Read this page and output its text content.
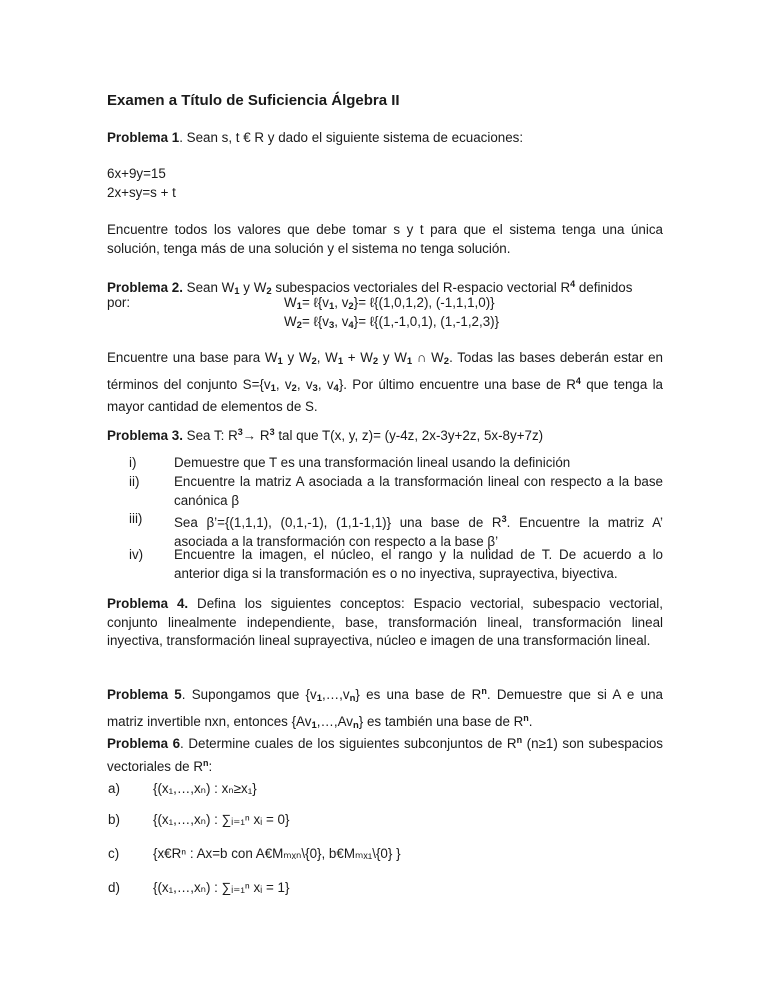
Examen a Título de Suficiencia Álgebra II
Problema 1. Sean s, t € R y dado el siguiente sistema de ecuaciones:
6x+9y=15
2x+sy=s + t
Encuentre todos los valores que debe tomar s y t para que el sistema tenga una única solución, tenga más de una solución y el sistema no tenga solución.
Problema 2. Sean $W_1$ y $W_2$ subespacios vectoriales del R-espacio vectorial $R^4$ definidos
por:	$W_1=$ $\ell\{v_1$, $v_2\}=$ ℓ{(1,0,1,2), (-1,1,1,0)}
$W_2=$ $\ell\{v_3$, $v_4\}=$ ℓ{(1,-1,0,1), (1,-1,2,3)}
Encuentre una base para $W_1$ y $W_2$, $W_1 + W_2$ y $W_1$ ∩ $W_2$. Todas las bases deberán estar en términos del conjunto $S=\{v_1$, $v_2$, $v_3$, $v_4$}. Por último encuentre una base de $R^4$ que tenga la mayor cantidad de elementos de S.
Problema 3. Sea T: $R^3\to R^3$ tal que T(x, y, z)= (y-4z, 2x-3y+2z, 5x-8y+7z)
i)	Demuestre que T es una transformación lineal usando la definición
ii)	Encuentre la matriz A asociada a la transformación lineal con respecto a la base canónica β
iii) Sea β’={(1,1,1), (0,1,-1), (1,1-1,1)} una base de $R^3$. Encuentre la matriz A’ asociada a la transformación con respecto a la base β’
iv) Encuentre la imagen, el núcleo, el rango y la nulidad de T. De acuerdo a lo anterior diga si la transformación es o no inyectiva, suprayectiva, biyectiva.
Problema 4. Defina los siguientes conceptos: Espacio vectorial, subespacio vectorial, conjunto linealmente independiente, base, transformación lineal, transformación lineal inyectiva, transformación lineal suprayectiva, núcleo e imagen de una transformación lineal.
Problema 5. Supongamos que $\{v_1,\dots,v_n\}$ es una base de $R^n$. Demuestre que si A e una matriz invertible nxn, entonces $\{Av_1,\dots,Av_n\}$ es también una base de $R^n$.
Problema 6. Determine cuales de los siguientes subconjuntos de $R^n$ (n≥1) son subespacios vectoriales de $R^n$:
a) {(x₁,…,xₙ) : xₙ≥x₁}
b) {(x₁,…,xₙ) : ∑ᵢ₌₁ⁿ xᵢ = 0}
c)	{x€Rⁿ : Ax=b con A€Mₘₓₙ\{0}, b€Mₘₓ₁\{0} }
d) {(x₁,…,xₙ) : ∑ᵢ₌₁ⁿ xᵢ = 1}
